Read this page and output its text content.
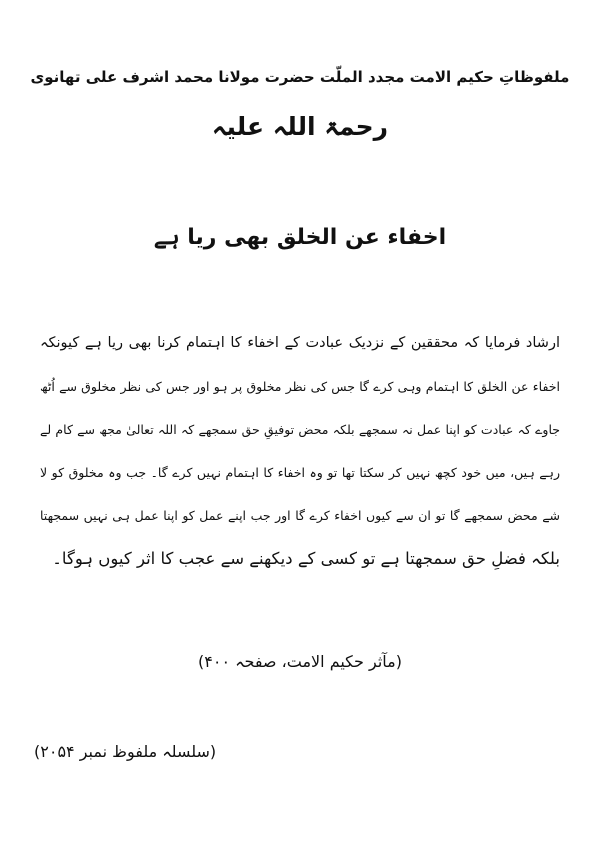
ملفوظاتِ حکیم الامت مجدد الملّت حضرت مولانا محمد اشرف علی تھانوی
رحمۃ اللہ علیہ
اخفاء عن الخلق بھی ریا ہے
ارشاد فرمایا کہ محققین کے نزدیک عبادت کے اخفاء کا اہتمام کرنا بھی ریا ہے کیونکہ
اخفاء عن الخلق کا اہتمام وہی کرے گا جس کی نظر مخلوق پر ہو اور جس کی نظر مخلوق سے اُٹھ
جاوے کہ عبادت کو اپنا عمل نہ سمجھے بلکہ محض توفیقِ حق سمجھے کہ اللہ تعالیٰ مجھ سے کام لے
رہے ہیں، میں خود کچھ نہیں کر سکتا تھا تو وہ اخفاء کا اہتمام نہیں کرے گا۔ جب وہ مخلوق کو لا
شے محض سمجھے گا تو ان سے کیوں اخفاء کرے گا اور جب اپنے عمل کو اپنا عمل ہی نہیں سمجھتا
بلکہ فضلِ حق سمجھتا ہے تو کسی کے دیکھنے سے عجب کا اثر کیوں ہوگا۔

(مآثر حکیم الامت، صفحہ ۴۰۰)

(سلسلہ ملفوظ نمبر ۲۰۵۴)
